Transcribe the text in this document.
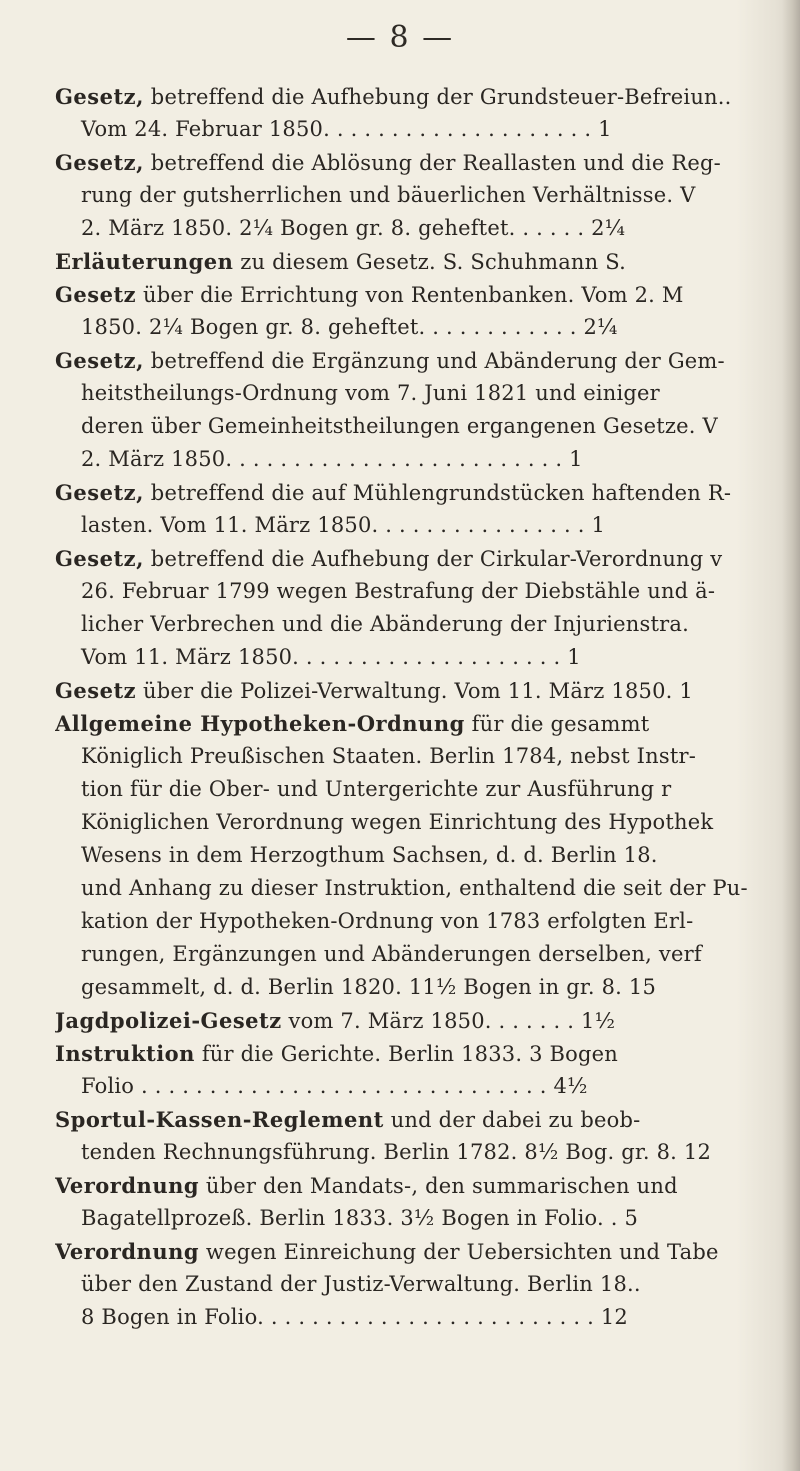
— 8 —
Gesetz, betreffend die Aufhebung der Grundsteuer-Befreiun..
Vom 24. Februar 1850. . . . . . . . . . . . . . . . . . . . 1
Gesetz, betreffend die Ablösung der Reallasten und die Reg-
rung der gutsherrlichen und bäuerlichen Verhältnisse. V
2. März 1850. 2¼ Bogen gr. 8. geheftet. . . . . . 2¼
Erläuterungen zu diesem Gesetz. S. Schuhmann S.
Gesetz über die Errichtung von Rentenbanken. Vom 2. M
1850. 2¼ Bogen gr. 8. geheftet. . . . . . . . . . . . 2¼
Gesetz, betreffend die Ergänzung und Abänderung der Gem-
heitstheilungs-Ordnung vom 7. Juni 1821 und einiger
deren über Gemeinheitstheilungen ergangenen Gesetze. V
2. März 1850. . . . . . . . . . . . . . . . . . . . . . . . . 1
Gesetz, betreffend die auf Mühlengrundstücken haftenden R-
lasten. Vom 11. März 1850. . . . . . . . . . . . . . . . 1
Gesetz, betreffend die Aufhebung der Cirkular-Verordnung v
26. Februar 1799 wegen Bestrafung der Diebstähle und ä-
licher Verbrechen und die Abänderung der Injurienstra.
Vom 11. März 1850. . . . . . . . . . . . . . . . . . . . 1
Gesetz über die Polizei-Verwaltung. Vom 11. März 1850. 1
Allgemeine Hypotheken-Ordnung für die gesammt
Königlich Preußischen Staaten. Berlin 1784, nebst Instr-
tion für die Ober- und Untergerichte zur Ausführung r
Königlichen Verordnung wegen Einrichtung des Hypothek
Wesens in dem Herzogthum Sachsen, d. d. Berlin 18.
und Anhang zu dieser Instruktion, enthaltend die seit der Pu-
kation der Hypotheken-Ordnung von 1783 erfolgten Erl-
rungen, Ergänzungen und Abänderungen derselben, verf
gesammelt, d. d. Berlin 1820. 11½ Bogen in gr. 8. 15
Jagdpolizei-Gesetz vom 7. März 1850. . . . . . . 1½
Instruktion für die Gerichte. Berlin 1833. 3 Bogen
Folio . . . . . . . . . . . . . . . . . . . . . . . . . . . . . . 4½
Sportul-Kassen-Reglement und der dabei zu beob-
tenden Rechnungsführung. Berlin 1782. 8½ Bog. gr. 8. 12
Verordnung über den Mandats-, den summarischen und
Bagatellprozeß. Berlin 1833. 3½ Bogen in Folio. . 5
Verordnung wegen Einreichung der Uebersichten und Tabe
über den Zustand der Justiz-Verwaltung. Berlin 18..
8 Bogen in Folio. . . . . . . . . . . . . . . . . . . . . . . . . 12
